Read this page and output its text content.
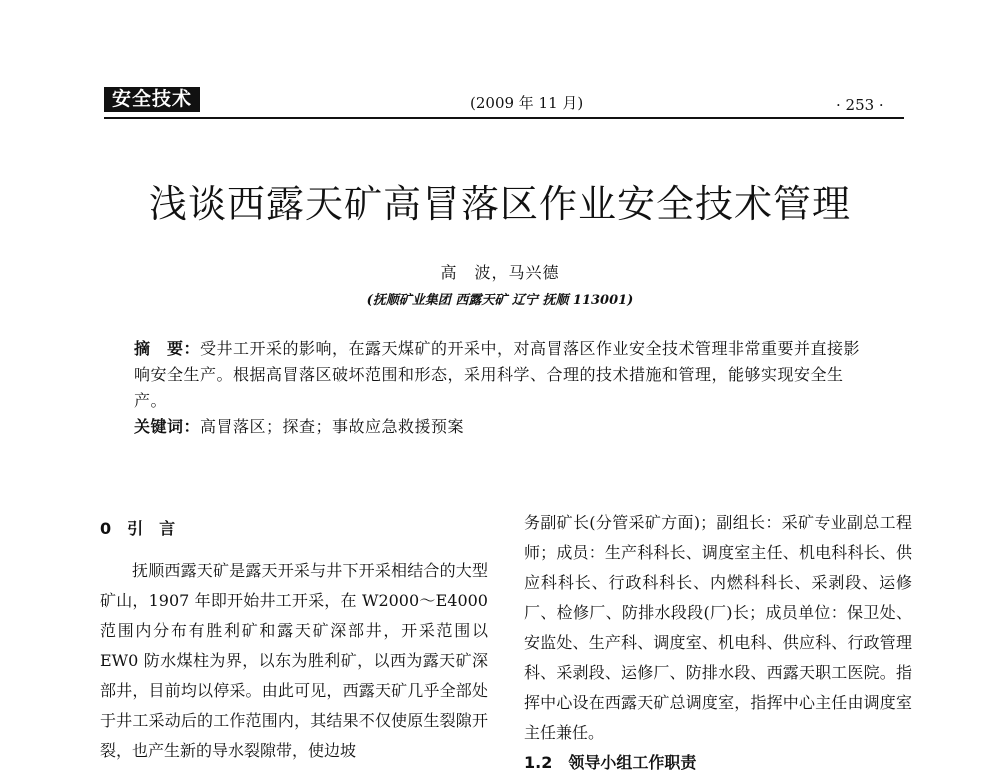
安全技术	(2009 年 11 月)	· 253 ·
浅谈西露天矿高冒落区作业安全技术管理
高　波，马兴德
(抚顺矿业集团 西露天矿 辽宁 抚顺 113001)

摘　要：受井工开采的影响，在露天煤矿的开采中，对高冒落区作业安全技术管理非常重要并直接影响安全生产。根据高冒落区破坏范围和形态，采用科学、合理的技术措施和管理，能够实现安全生产。

关键词：高冒落区；探查；事故应急救援预案

0　引　言

抚顺西露天矿是露天开采与井下开采相结合的大型矿山，1907 年即开始井工开采，在 W2000～E4000 范围内分布有胜利矿和露天矿深部井，开采范围以 EW0 防水煤柱为界，以东为胜利矿，以西为露天矿深部井，目前均以停采。由此可见，西露天矿几乎全部处于井工采动后的工作范围内，其结果不仅使原生裂隙开裂，也产生新的导水裂隙带，使边坡

务副矿长(分管采矿方面)；副组长：采矿专业副总工程师；成员：生产科科长、调度室主任、机电科科长、供应科科长、行政科科长、内燃科科长、采剥段、运修厂、检修厂、防排水段段(厂)长；成员单位：保卫处、安监处、生产科、调度室、机电科、供应科、行政管理科、采剥段、运修厂、防排水段、西露天职工医院。指挥中心设在西露天矿总调度室，指挥中心主任由调度室主任兼任。

1.2　领导小组工作职责
